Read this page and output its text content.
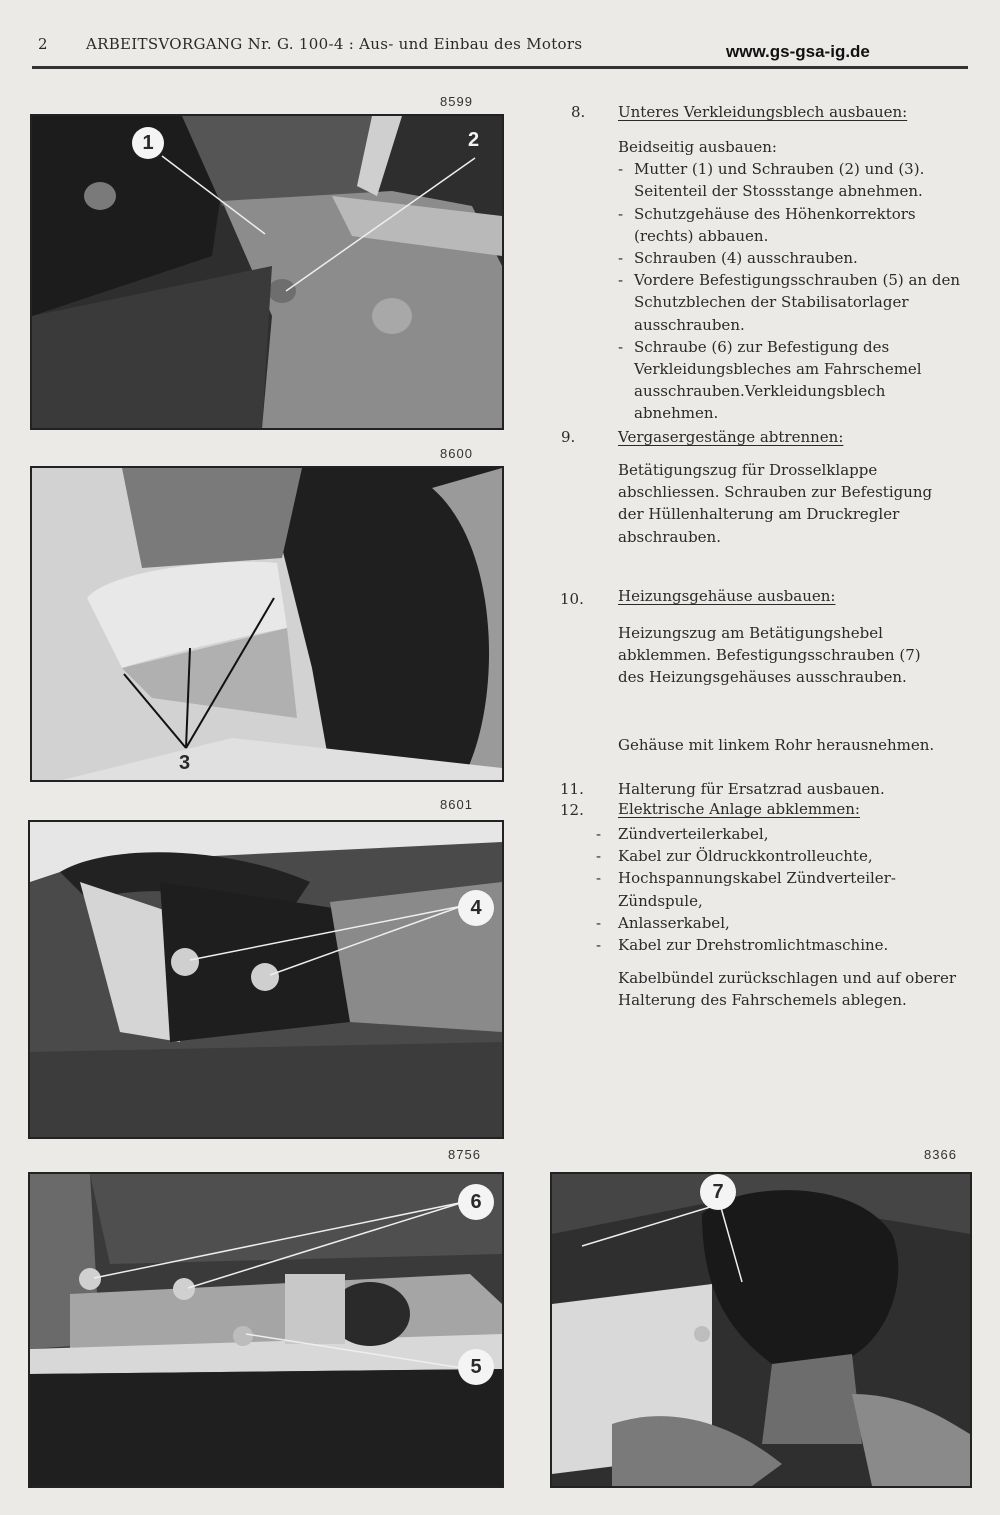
2	ARBEITSVORGANG Nr. G. 100-4 : Aus- und Einbau des Motors	www.gs-gsa-ig.de
8599
1	2
8600
3
8601
4
8756
6
5
8366
7
8. Unteres Verkleidungsblech ausbauen:
Beidseitig ausbauen:
- Mutter (1) und Schrauben (2) und (3). Seitenteil der Stossstange abnehmen.
- Schutzgehäuse des Höhenkorrektors (rechts) abbauen.
- Schrauben (4) ausschrauben.
- Vordere Befestigungsschrauben (5) an den Schutzblechen der Stabilisatorlager ausschrauben.
- Schraube (6) zur Befestigung des Verkleidungsbleches am Fahrschemel ausschrauben.Verkleidungsblech abnehmen.
9.	Vergasergestänge abtrennen:
Betätigungszug für Drosselklappe abschliessen. Schrauben zur Befestigung der Hüllenhalterung am Druckregler abschrauben.
10. Heizungsgehäuse ausbauen:
Heizungszug am Betätigungshebel abklemmen. Befestigungsschrauben (7) des Heizungsgehäuses ausschrauben.
Gehäuse mit linkem Rohr herausnehmen.
11. Halterung für Ersatzrad ausbauen.
12. Elektrische Anlage abklemmen:
-	Zündverteilerkabel,
-	Kabel zur Öldruckkontrolleuchte,
-	Hochspannungskabel Zündverteiler-Zündspule,
-	Anlasserkabel,
-	Kabel zur Drehstromlichtmaschine.
Kabelbündel zurückschlagen und auf oberer Halterung des Fahrschemels ablegen.
